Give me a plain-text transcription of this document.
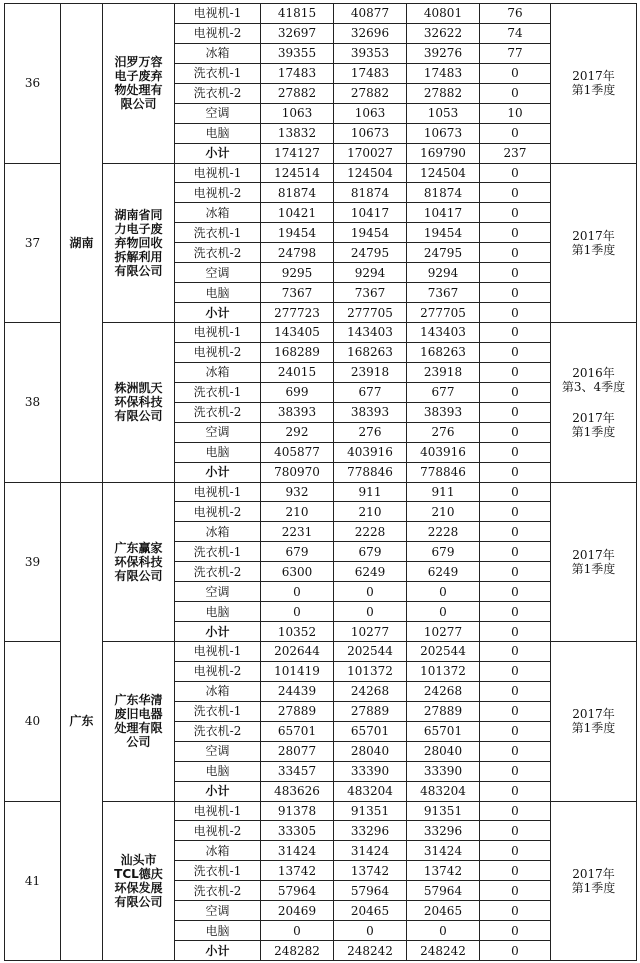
36	湖南	汨罗万容
电子废弃
物处理有
限公司	电视机-1	41815	40877	40801	76	2017年
第1季度

			电视机-2	32697	32696	32622	74	
			冰箱	39355	39353	39276	77	
			洗衣机-1	17483	17483	17483	0	
			洗衣机-2	27882	27882	27882	0	
			空调	1063	1063	1053	10	
			电脑	13832	10673	10673	0	
			小计	174127	170027	169790	237	
37		湖南省同
力电子废
弃物回收
拆解利用
有限公司	电视机-1	124514	124504	124504	0	2017年
第1季度

			电视机-2	81874	81874	81874	0	
			冰箱	10421	10417	10417	0	
			洗衣机-1	19454	19454	19454	0	
			洗衣机-2	24798	24795	24795	0	
			空调	9295	9294	9294	0	
			电脑	7367	7367	7367	0	
			小计	277723	277705	277705	0	
38		株洲凯天
环保科技
有限公司	电视机-1	143405	143403	143403	0	2016年
第3、4季度
2017年
第1季度

			电视机-2	168289	168263	168263	0	
			冰箱	24015	23918	23918	0	
			洗衣机-1	699	677	677	0	
			洗衣机-2	38393	38393	38393	0	
			空调	292	276	276	0	
			电脑	405877	403916	403916	0	
			小计	780970	778846	778846	0	
39	广东	广东赢家
环保科技
有限公司	电视机-1	932	911	911	0	2017年
第1季度

			电视机-2	210	210	210	0	
			冰箱	2231	2228	2228	0	
			洗衣机-1	679	679	679	0	
			洗衣机-2	6300	6249	6249	0	
			空调	0	0	0	0	
			电脑	0	0	0	0	
			小计	10352	10277	10277	0	
40		广东华清
废旧电器
处理有限
公司	电视机-1	202644	202544	202544	0	2017年
第1季度

			电视机-2	101419	101372	101372	0	
			冰箱	24439	24268	24268	0	
			洗衣机-1	27889	27889	27889	0	
			洗衣机-2	65701	65701	65701	0	
			空调	28077	28040	28040	0	
			电脑	33457	33390	33390	0	
			小计	483626	483204	483204	0	
41		汕头市
TCL德庆
环保发展
有限公司	电视机-1	91378	91351	91351	0	2017年
第1季度

			电视机-2	33305	33296	33296	0	
			冰箱	31424	31424	31424	0	
			洗衣机-1	13742	13742	13742	0	
			洗衣机-2	57964	57964	57964	0	
			空调	20469	20465	20465	0	
			电脑	0	0	0	0	
			小计	248282	248242	248242	0	
